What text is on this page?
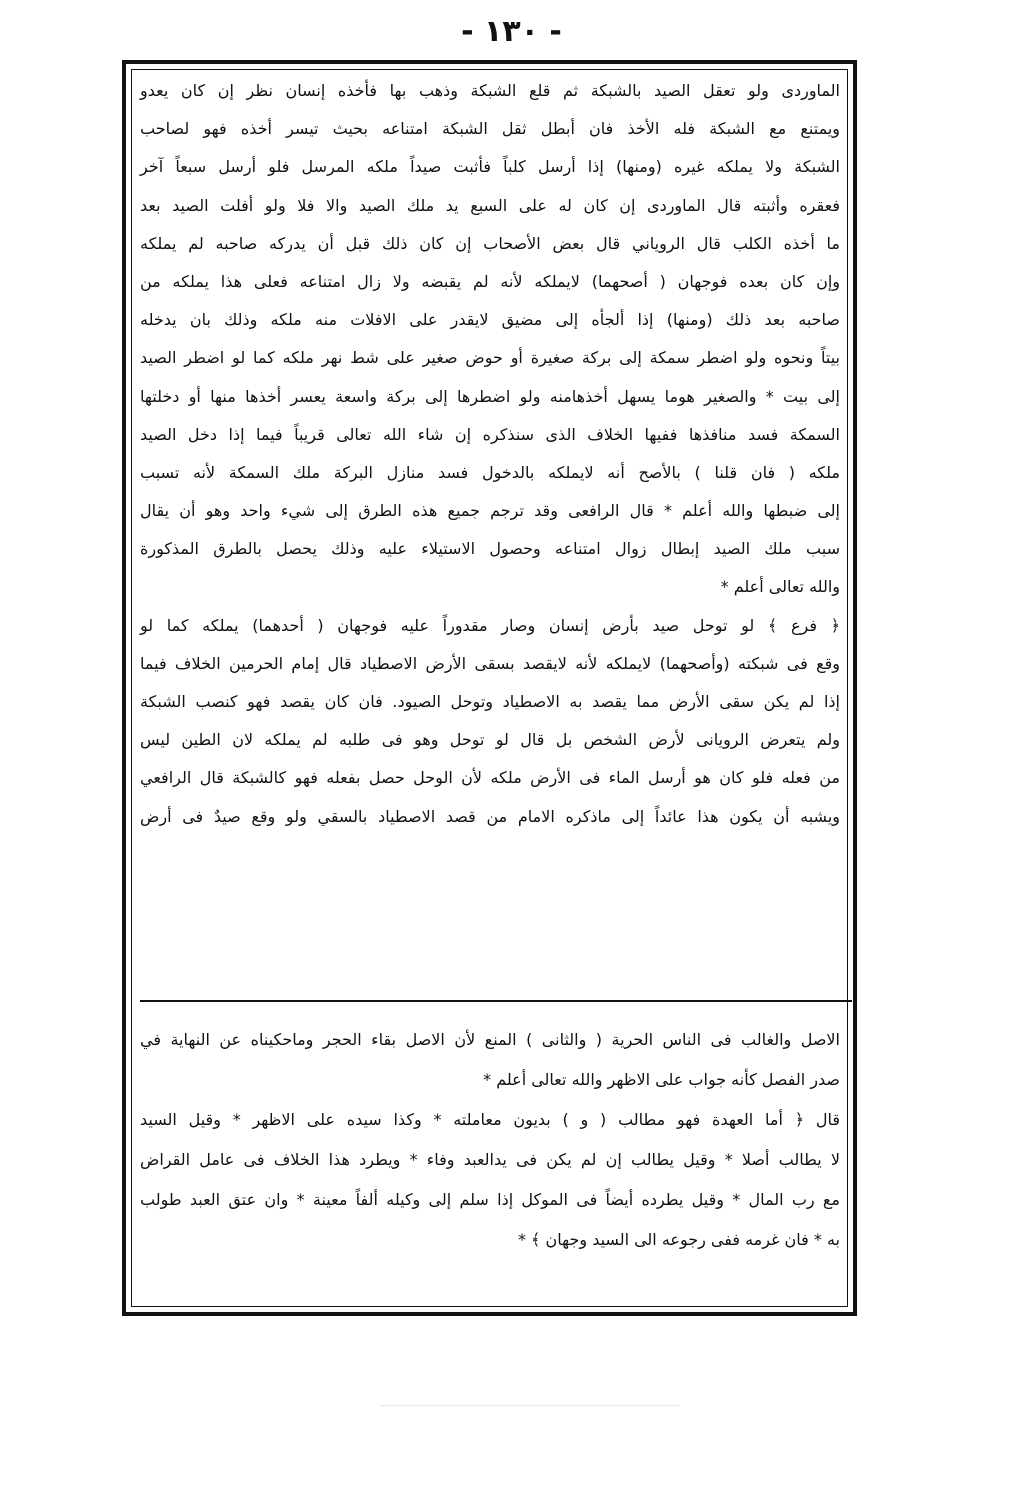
- ١٣٠ -
الماوردى ولو تعقل الصيد بالشبكة ثم قلع الشبكة وذهب بها فأخذه إنسان نظر إن كان يعدو
ويمتنع مع الشبكة فله الأخذ فان أبطل ثقل الشبكة امتناعه بحيث تيسر أخذه فهو لصاحب
الشبكة ولا يملكه غيره (ومنها) إذا أرسل كلباً فأثبت صيداً ملكه المرسل فلو أرسل سبعاً آخر
فعقره وأثبته قال الماوردى إن كان له على السبع يد ملك الصيد والا فلا ولو أفلت الصيد بعد
ما أخذه الكلب قال الروياني قال بعض الأصحاب إن كان ذلك قبل أن يدركه صاحبه لم يملكه
وإن كان بعده فوجهان ( أصحهما) لايملكه لأنه لم يقبضه ولا زال امتناعه فعلى هذا يملكه من
صاحبه بعد ذلك (ومنها) إذا ألجأه إلى مضيق لايقدر على الافلات منه ملكه وذلك بان يدخله
بيتاً ونحوه ولو اضطر سمكة إلى بركة صغيرة أو حوض صغير على شط نهر ملكه كما لو اضطر الصيد
إلى بيت * والصغير هوما يسهل أخذهامنه ولو اضطرها إلى بركة واسعة يعسر أخذها منها أو دخلتها
السمكة فسد منافذها ففيها الخلاف الذى سنذكره إن شاء الله تعالى قريباً فيما إذا دخل الصيد
ملكه ( فان قلنا ) بالأصح أنه لايملكه بالدخول فسد منازل البركة ملك السمكة لأنه تسبب
إلى ضبطها والله أعلم * قال الرافعى وقد ترجم جميع هذه الطرق إلى شيء واحد وهو أن يقال
سبب ملك الصيد إبطال زوال امتناعه وحصول الاستيلاء عليه وذلك يحصل بالطرق المذكورة
والله تعالى أعلم *
﴿ فرع ﴾ لو توحل صيد بأرض إنسان وصار مقدوراً عليه فوجهان ( أحدهما) يملكه كما لو
وقع فى شبكته (وأصحهما) لايملكه لأنه لايقصد بسقى الأرض الاصطياد قال إمام الحرمين الخلاف فيما
إذا لم يكن سقى الأرض مما يقصد به الاصطياد وتوحل الصيود. فان كان يقصد فهو كنصب الشبكة
ولم يتعرض الرويانى لأرض الشخص بل قال لو توحل وهو فى طلبه لم يملكه لان الطين ليس
من فعله فلو كان هو أرسل الماء فى الأرض ملكه لأن الوحل حصل بفعله فهو كالشبكة قال الرافعي
ويشبه أن يكون هذا عائداً إلى ماذكره الامام من قصد الاصطياد بالسقي ولو وقع صيدٌ فى أرض
الاصل والغالب فى الناس الحرية ( والثانى ) المنع لأن الاصل بقاء الحجر وماحكيناه عن النهاية في
صدر الفصل كأنه جواب على الاظهر والله تعالى أعلم *
قال ﴿ أما العهدة فهو مطالب ( و ) بديون معاملته * وكذا سيده على الاظهر * وقيل السيد
لا يطالب أصلا * وقيل يطالب إن لم يكن فى يدالعبد وفاء * ويطرد هذا الخلاف فى عامل القراض
مع رب المال * وقيل يطرده أيضاً فى الموكل إذا سلم إلى وكيله ألفاً معينة * وان عتق العبد طولب
به * فان غرمه ففى رجوعه الى السيد وجهان ﴾ *
